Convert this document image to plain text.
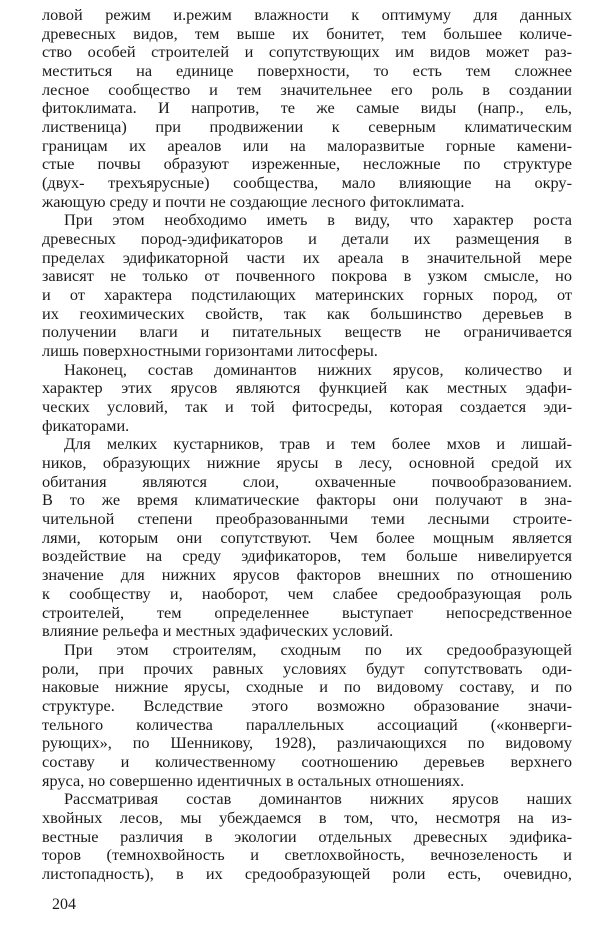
ловой режим и.режим влажности к оптимуму для данных
древесных видов, тем выше их бонитет, тем большее количе-
ство особей строителей и сопутствующих им видов может раз-
меститься на единице поверхности, то есть тем сложнее
лесное сообщество и тем значительнее его роль в создании
фитоклимата. И напротив, те же самые виды (напр., ель,
лиственица) при продвижении к северным климатическим
границам их ареалов или на малоразвитые горные камени-
стые почвы образуют изреженные, несложные по структуре
(двух- трехъярусные) сообщества, мало влияющие на окру-
жающую среду и почти не создающие лесного фитоклимата.
При этом необходимо иметь в виду, что характер роста
древесных пород-эдификаторов и детали их размещения в
пределах эдификаторной части их ареала в значительной мере
зависят не только от почвенного покрова в узком смысле, но
и от характера подстилающих материнских горных пород, от
их геохимических свойств, так как большинство деревьев в
получении влаги и питательных веществ не ограничивается
лишь поверхностными горизонтами литосферы.
Наконец, состав доминантов нижних ярусов, количество и
характер этих ярусов являются функцией как местных эдафи-
ческих условий, так и той фитосреды, которая создается эди-
фикаторами.
Для мелких кустарников, трав и тем более мхов и лишай-
ников, образующих нижние ярусы в лесу, основной средой их
обитания являются слои, охваченные почвообразованием.
В то же время климатические факторы они получают в зна-
чительной степени преобразованными теми лесными строите-
лями, которым они сопутствуют. Чем более мощным является
воздействие на среду эдификаторов, тем больше нивелируется
значение для нижних ярусов факторов внешних по отношению
к сообществу и, наоборот, чем слабее средообразующая роль
строителей, тем определеннее выступает непосредственное
влияние рельефа и местных эдафических условий.
При этом строителям, сходным по их средообразующей
роли, при прочих равных условиях будут сопутствовать оди-
наковые нижние ярусы, сходные и по видовому составу, и по
структуре. Вследствие этого возможно образование значи-
тельного количества параллельных ассоциаций («конверги-
рующих», по Шенникову, 1928), различающихся по видовому
составу и количественному соотношению деревьев верхнего
яруса, но совершенно идентичных в остальных отношениях.
Рассматривая состав доминантов нижних ярусов наших
хвойных лесов, мы убеждаемся в том, что, несмотря на из-
вестные различия в экологии отдельных древесных эдифика-
торов (темнохвойность и светлохвойность, вечнозеленость и
листопадность), в их средообразующей роли есть, очевидно,
204
